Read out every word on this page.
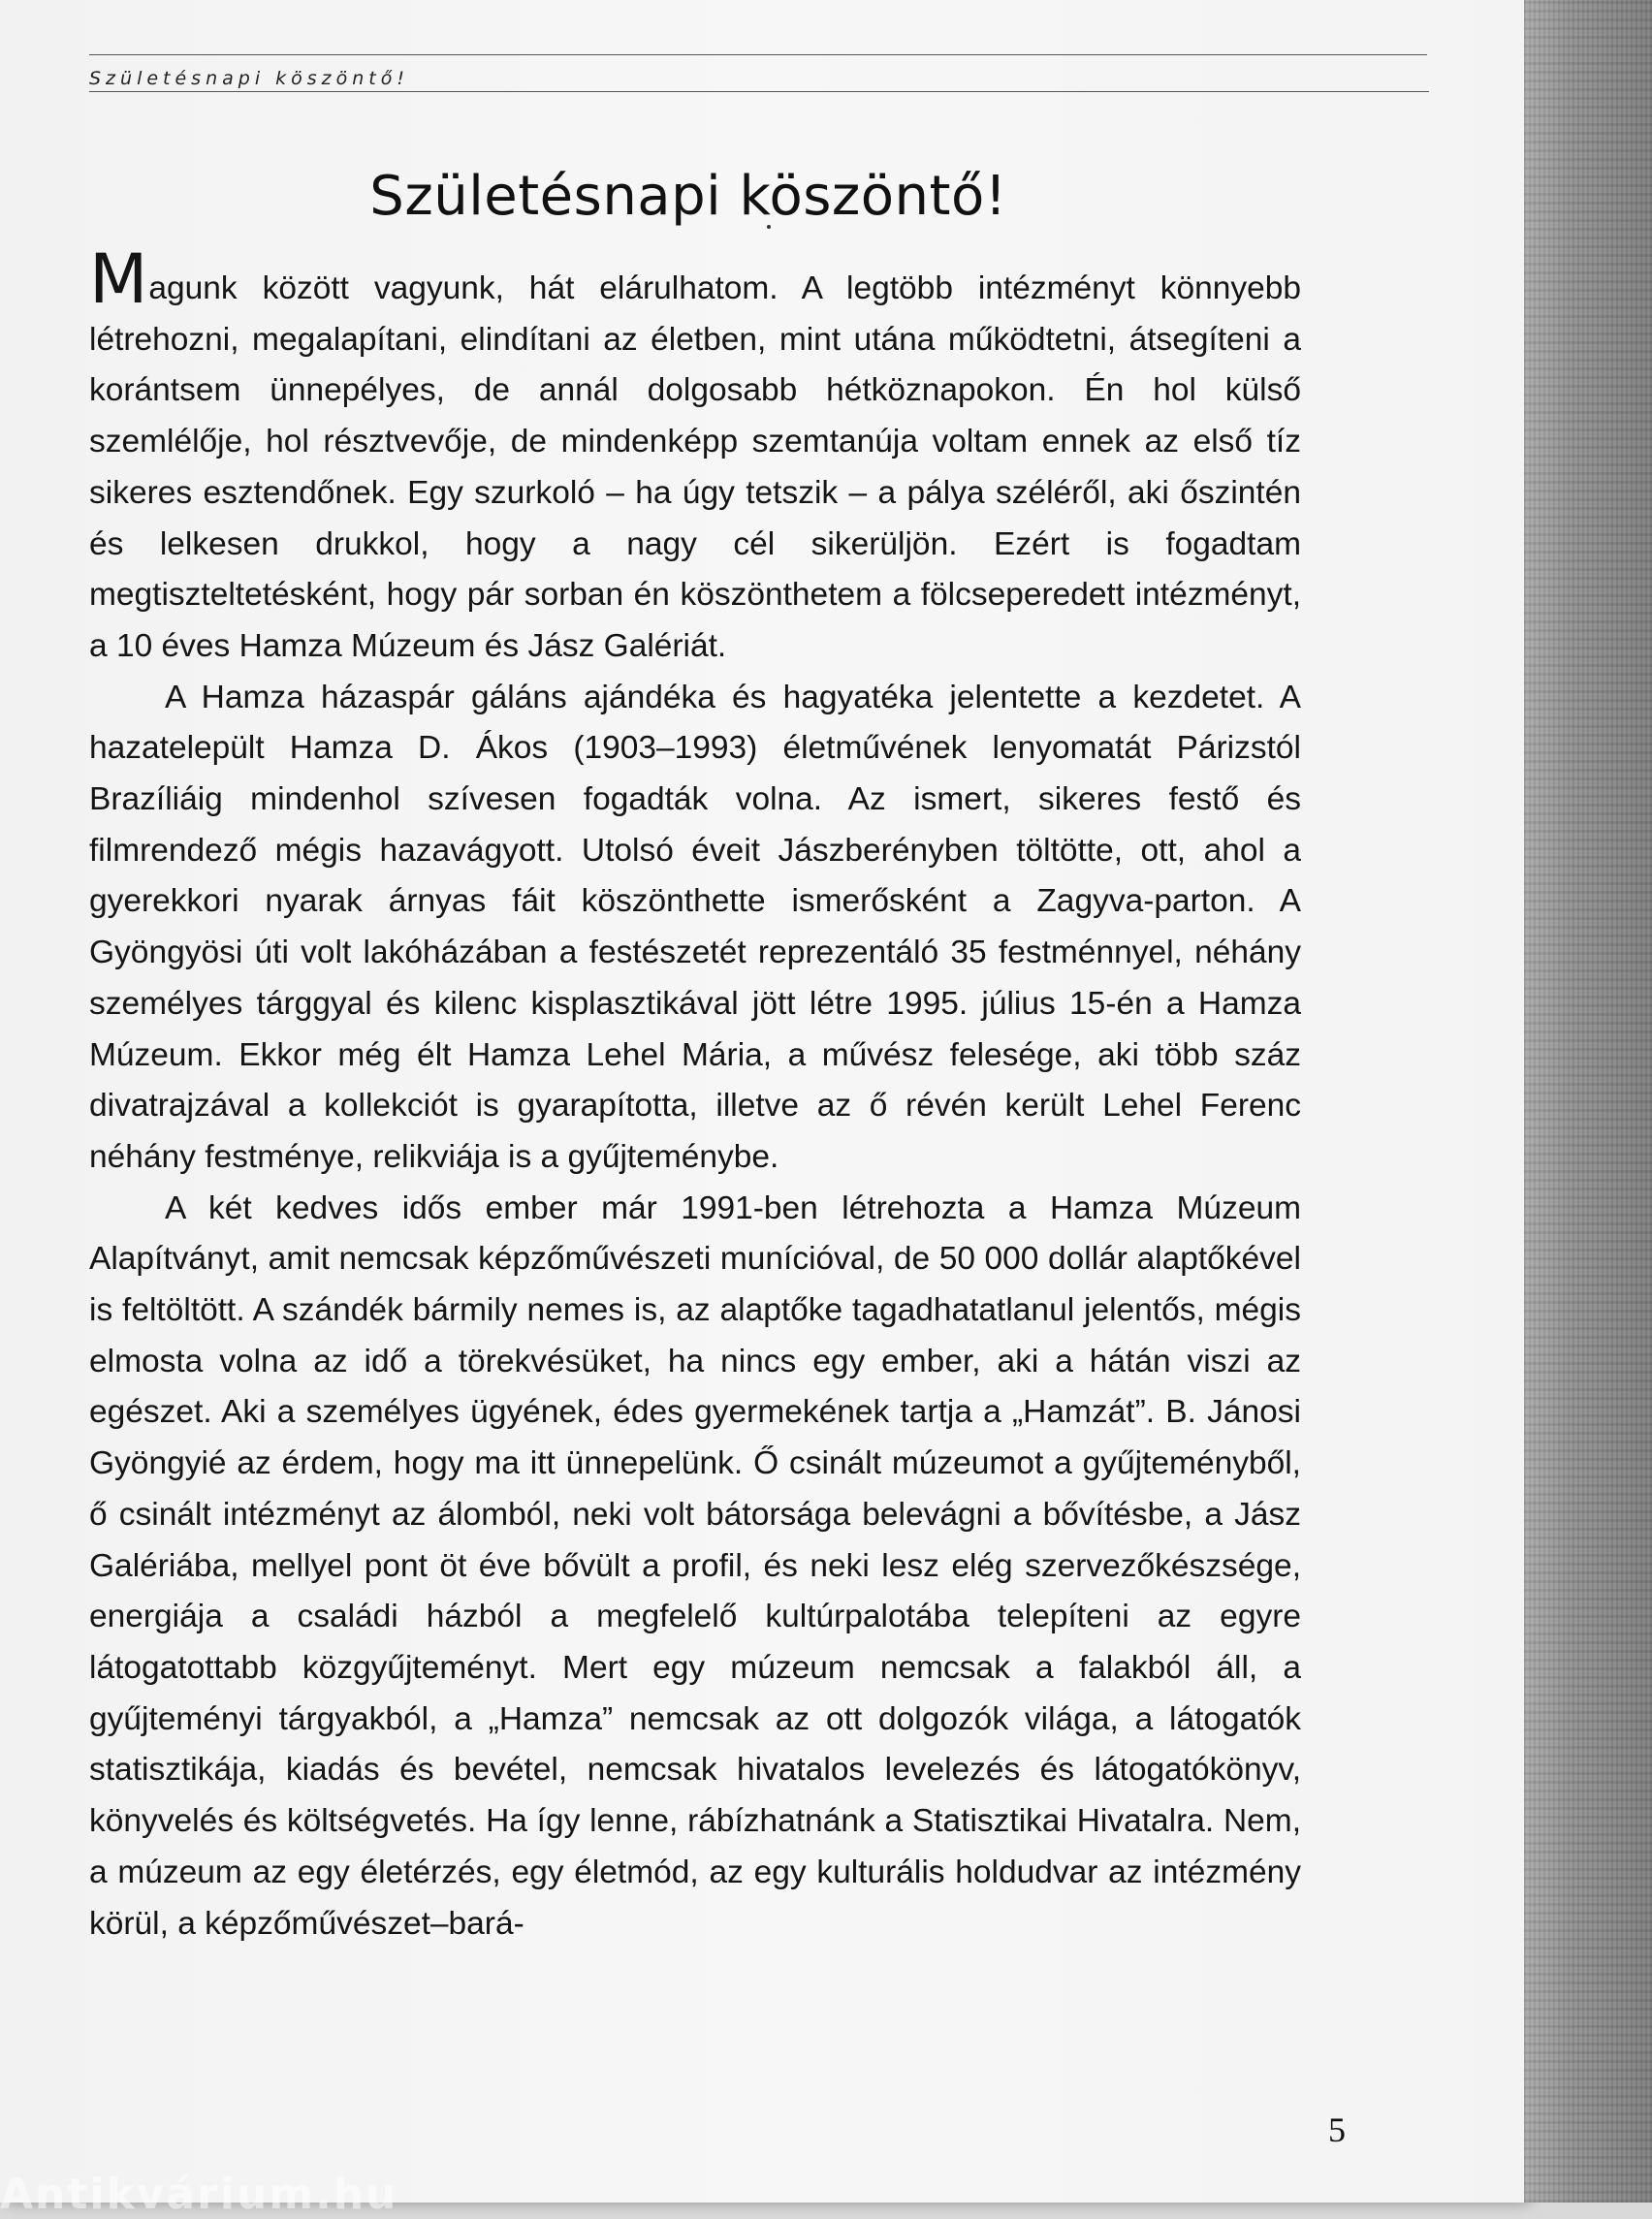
Születésnapi köszöntő!
Születésnapi köszöntő!

Magunk között vagyunk, hát elárulhatom. A legtöbb intézményt könnyebb létrehozni, megalapítani, elindítani az életben, mint utána működtetni, átsegíteni a korántsem ünnepélyes, de annál dolgosabb hétköznapokon. Én hol külső szemlélője, hol résztvevője, de mindenképp szemtanúja voltam ennek az első tíz sikeres esztendőnek. Egy szurkoló – ha úgy tetszik – a pálya széléről, aki őszintén és lelkesen drukkol, hogy a nagy cél sikerüljön. Ezért is fogadtam megtiszteltetésként, hogy pár sorban én köszönthetem a fölcseperedett intézményt, a 10 éves Hamza Múzeum és Jász Galériát.

A Hamza házaspár gáláns ajándéka és hagyatéka jelentette a kezdetet. A hazatelepült Hamza D. Ákos (1903–1993) életművének lenyomatát Párizstól Brazíliáig mindenhol szívesen fogadták volna. Az ismert, sikeres festő és filmrendező mégis hazavágyott. Utolsó éveit Jászberényben töltötte, ott, ahol a gyerekkori nyarak árnyas fáit köszönthette ismerősként a Zagyva-parton. A Gyöngyösi úti volt lakóházában a festészetét reprezentáló 35 festménnyel, néhány személyes tárggyal és kilenc kisplasztikával jött létre 1995. július 15-én a Hamza Múzeum. Ekkor még élt Hamza Lehel Mária, a művész felesége, aki több száz divatrajzával a kollekciót is gyarapította, illetve az ő révén került Lehel Ferenc néhány festménye, relikviája is a gyűjteménybe.

A két kedves idős ember már 1991-ben létrehozta a Hamza Múzeum Alapítványt, amit nemcsak képzőművészeti munícióval, de 50 000 dollár alaptőkével is feltöltött. A szándék bármily nemes is, az alaptőke tagadhatatlanul jelentős, mégis elmosta volna az idő a törekvésüket, ha nincs egy ember, aki a hátán viszi az egészet. Aki a személyes ügyének, édes gyermekének tartja a „Hamzát”. B. Jánosi Gyöngyié az érdem, hogy ma itt ünnepelünk. Ő csinált múzeumot a gyűjteményből, ő csinált intézményt az álomból, neki volt bátorsága belevágni a bővítésbe, a Jász Galériába, mellyel pont öt éve bővült a profil, és neki lesz elég szervezőkészsége, energiája a családi házból a megfelelő kultúrpalotába telepíteni az egyre látogatottabb közgyűjteményt. Mert egy múzeum nemcsak a falakból áll, a gyűjteményi tárgyakból, a „Hamza” nemcsak az ott dolgozók világa, a látogatók statisztikája, kiadás és bevétel, nemcsak hivatalos levelezés és látogatókönyv, könyvelés és költségvetés. Ha így lenne, rábízhatnánk a Statisztikai Hivatalra. Nem, a múzeum az egy életérzés, egy életmód, az egy kulturális holdudvar az intézmény körül, a képzőművészet–bará-

5
Antikvárium.hu
